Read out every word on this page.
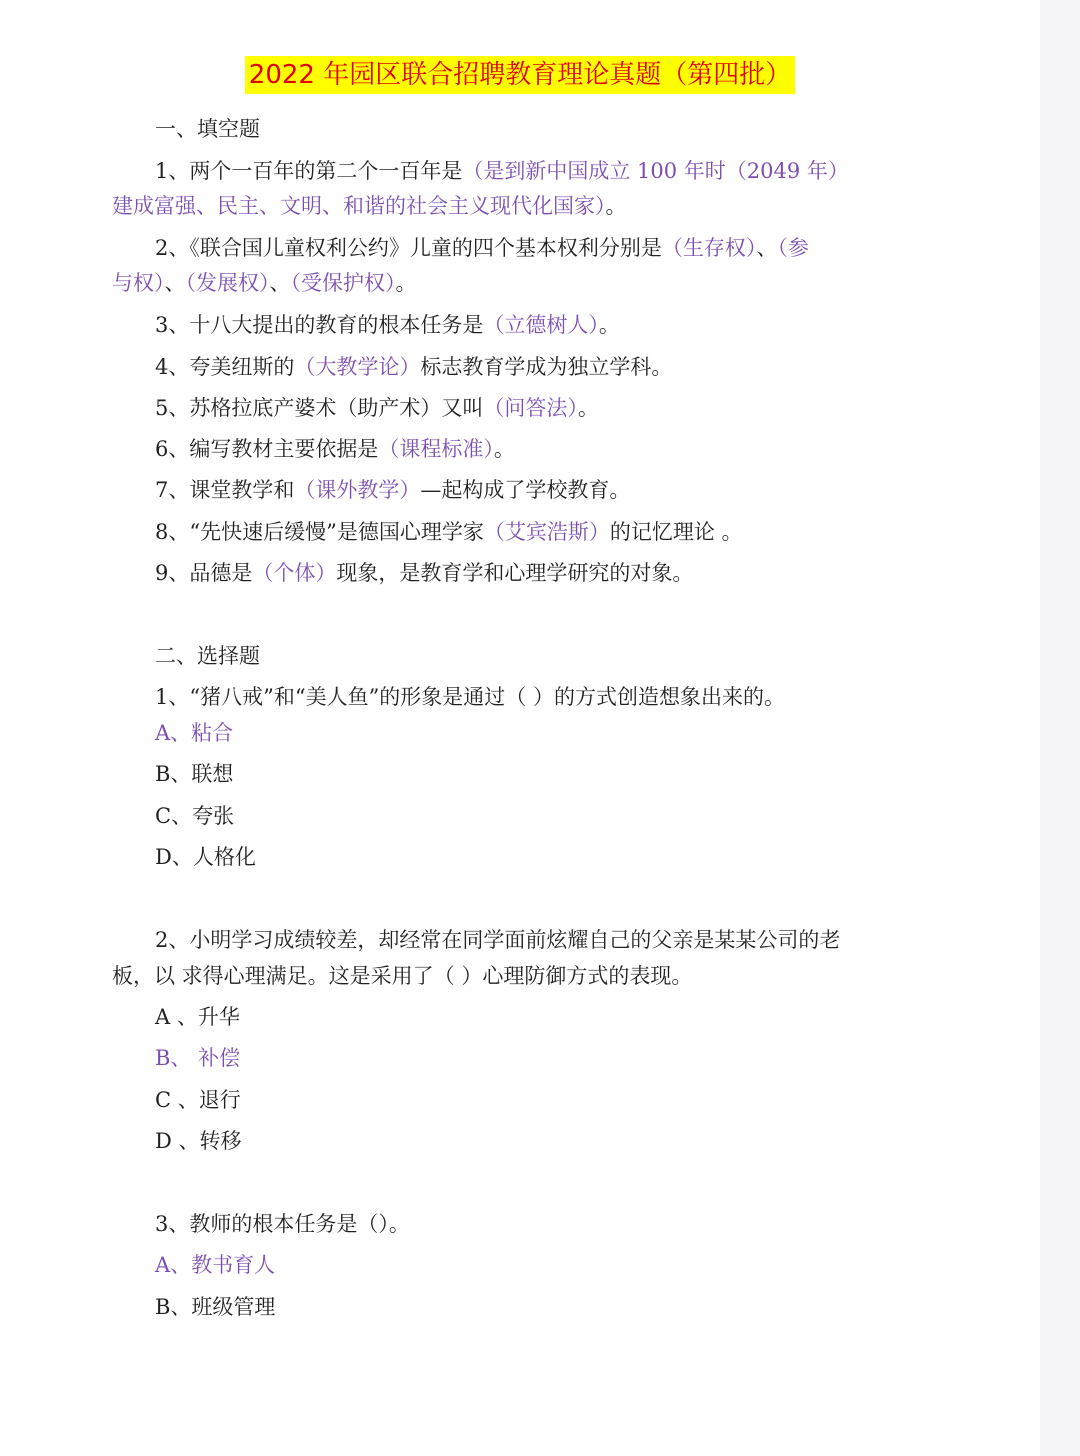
2022 年园区联合招聘教育理论真题（第四批）
一、填空题
1、两个一百年的第二个一百年是（是到新中国成立 100 年时（2049 年）
建成富强、民主、文明、和谐的社会主义现代化国家）。
2、《联合国儿童权利公约》儿童的四个基本权利分别是（生存权）、（参
与权）、（发展权）、（受保护权）。
3、十八大提出的教育的根本任务是（立德树人）。
4、夸美纽斯的（大教学论）标志教育学成为独立学科。
5、苏格拉底产婆术（助产术）又叫（问答法）。
6、编写教材主要依据是（课程标准）。
7、课堂教学和（课外教学）—起构成了学校教育。
8、“先快速后缓慢”是德国心理学家（艾宾浩斯）的记忆理论 。
9、品德是（个体）现象，是教育学和心理学研究的对象。
二、选择题
1、“猪八戒”和“美人鱼”的形象是通过（ ）的方式创造想象出来的。
A、粘合
B、联想
C、夸张
D、人格化
2、小明学习成绩较差，却经常在同学面前炫耀自己的父亲是某某公司的老
板，以 求得心理满足。这是采用了（ ）心理防御方式的表现。
A 、升华
B、 补偿
C 、退行
D 、转移
3、教师的根本任务是（）。
A、教书育人
B、班级管理
